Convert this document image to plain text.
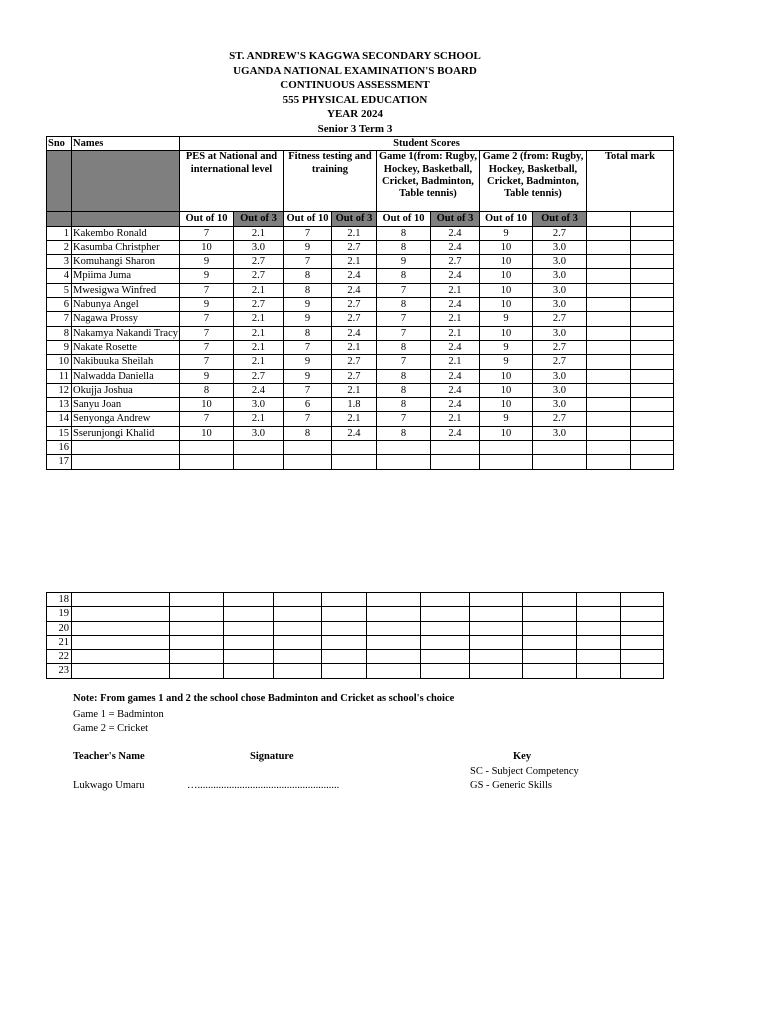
ST. ANDREW'S KAGGWA SECONDARY SCHOOL
UGANDA NATIONAL EXAMINATION'S BOARD
CONTINUOUS ASSESSMENT
555 PHYSICAL EDUCATION
YEAR 2024
Senior 3 Term 3
Sno	Names	Student Scores									
		PES at National and international level		Fitness testing and training		Game 1(from: Rugby, Hockey, Basketball, Cricket, Badminton, Table tennis)		Game 2 (from: Rugby, Hockey, Basketball, Cricket, Badminton, Table tennis)		Total mark	
		Out of 10	Out of 3	Out of 10	Out of 3	Out of 10	Out of 3	Out of 10	Out of 3		
1	Kakembo Ronald	7	2.1	7	2.1	8	2.4	9	2.7		
2	Kasumba Christpher	10	3.0	9	2.7	8	2.4	10	3.0		
3	Komuhangi Sharon	9	2.7	7	2.1	9	2.7	10	3.0		
4	Mpiima Juma	9	2.7	8	2.4	8	2.4	10	3.0		
5	Mwesigwa Winfred	7	2.1	8	2.4	7	2.1	10	3.0		
6	Nabunya Angel	9	2.7	9	2.7	8	2.4	10	3.0		
7	Nagawa Prossy	7	2.1	9	2.7	7	2.1	9	2.7		
8	Nakamya Nakandi Tracy	7	2.1	8	2.4	7	2.1	10	3.0		
9	Nakate Rosette	7	2.1	7	2.1	8	2.4	9	2.7		
10	Nakibuuka Sheilah	7	2.1	9	2.7	7	2.1	9	2.7		
11	Nalwadda Daniella	9	2.7	9	2.7	8	2.4	10	3.0		
12	Okujja Joshua	8	2.4	7	2.1	8	2.4	10	3.0		
13	Sanyu Joan	10	3.0	6	1.8	8	2.4	10	3.0		
14	Senyonga Andrew	7	2.1	7	2.1	7	2.1	9	2.7		
15	Sserunjongi Khalid	10	3.0	8	2.4	8	2.4	10	3.0		
16											
17											
18											
19											
20											
21											
22											
23											
Note: From games 1 and 2 the school chose Badminton and Cricket as school's choice
Game 1 = Badminton
Game 2 = Cricket
Teacher's Name	Signature	Key
SC - Subject Competency
Lukwago Umaru	…......................................................	GS - Generic Skills
